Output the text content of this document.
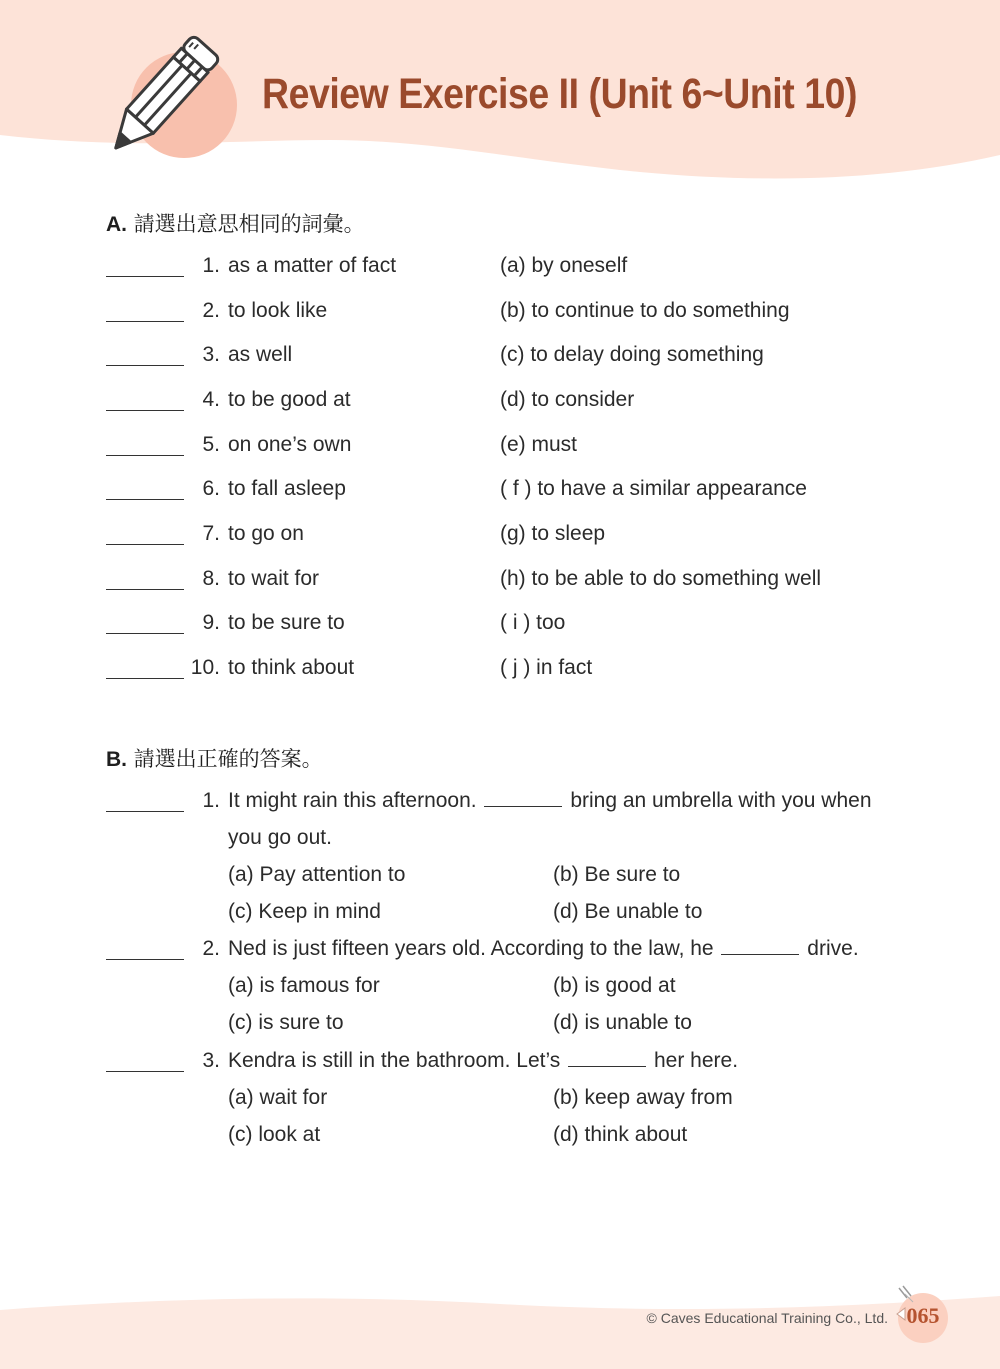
Review Exercise II (Unit 6~Unit 10)
A. 請選出意思相同的詞彙。
1. as a matter of fact	(a) by oneself
2. to look like	(b) to continue to do something
3. as well	(c) to delay doing something
4. to be good at	(d) to consider
5. on one’s own	(e) must
6. to fall asleep	( f ) to have a similar appearance
7. to go on	(g) to sleep
8. to wait for	(h) to be able to do something well
9. to be sure to	( i ) too
10. to think about	( j ) in fact
B. 請選出正確的答案。
1. It might rain this afternoon.	bring an umbrella with you when
you go out.
(a) Pay attention to	(b) Be sure to
(c) Keep in mind	(d) Be unable to
2. Ned is just fifteen years old. According to the law, he	drive.
(a) is famous for	(b) is good at
(c) is sure to	(d) is unable to
3. Kendra is still in the bathroom. Let’s	her here.
(a) wait for	(b) keep away from
(c) look at	(d) think about
© Caves Educational Training Co., Ltd. 065
